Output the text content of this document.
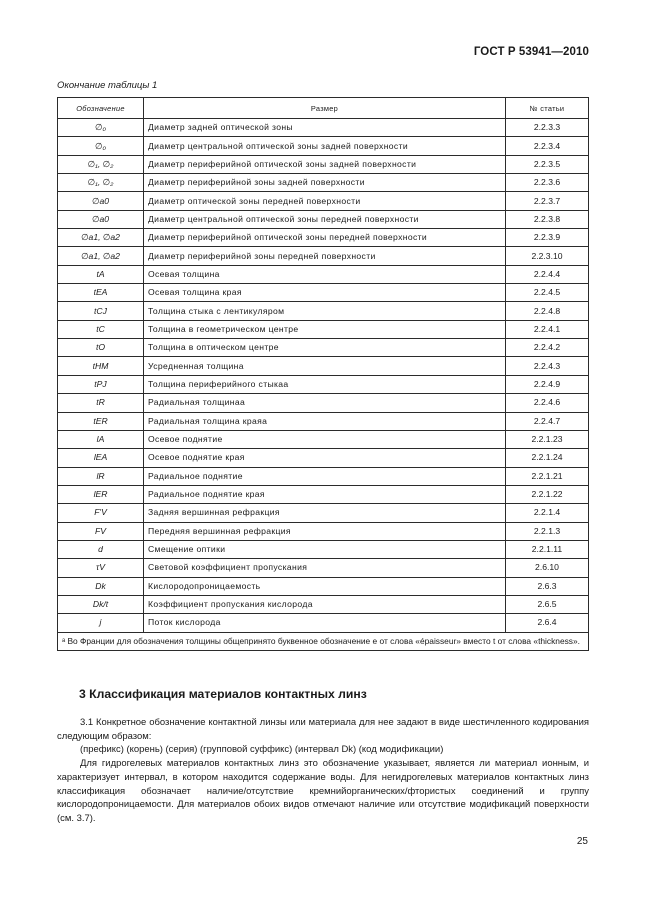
ГОСТ Р 53941—2010
Окончание таблицы 1
Обозначение	Размер	№ статьи
∅₀	Диаметр задней оптической зоны	2.2.3.3
∅₀	Диаметр центральной оптической зоны задней поверхности	2.2.3.4
∅₁, ∅₂	Диаметр периферийной оптической зоны задней поверхности	2.2.3.5
∅₁, ∅₂	Диаметр периферийной зоны задней поверхности	2.2.3.6
∅a0	Диаметр оптической зоны передней поверхности	2.2.3.7
∅a0	Диаметр центральной оптической зоны передней поверхности	2.2.3.8
∅a1, ∅a2	Диаметр периферийной оптической зоны передней поверхности	2.2.3.9
∅a1, ∅a2	Диаметр периферийной зоны передней поверхности	2.2.3.10
tA	Осевая толщина	2.2.4.4
tEA	Осевая толщина края	2.2.4.5
tCJ	Толщина стыка с лентикуляром	2.2.4.8
tC	Толщина в геометрическом центре	2.2.4.1
tO	Толщина в оптическом центре	2.2.4.2
tHM	Усредненная толщина	2.2.4.3
tPJ	Толщина периферийного стыкаa	2.2.4.9
tR	Радиальная толщинаa	2.2.4.6
tER	Радиальная толщина краяa	2.2.4.7
lA	Осевое поднятие	2.2.1.23
lEA	Осевое поднятие края	2.2.1.24
lR	Радиальное поднятие	2.2.1.21
lER	Радиальное поднятие края	2.2.1.22
F'V	Задняя вершинная рефракция	2.2.1.4
FV	Передняя вершинная рефракция	2.2.1.3
d	Смещение оптики	2.2.1.11
τV	Световой коэффициент пропускания	2.6.10
Dk	Кислородопроницаемость	2.6.3
Dk/t	Коэффициент пропускания кислорода	2.6.5
j	Поток кислорода	2.6.4
ᵃ Во Франции для обозначения толщины общепринято буквенное обозначение e от слова «épaisseur» вместо t от слова «thickness».		
3 Классификация материалов контактных линз

3.1 Конкретное обозначение контактной линзы или материала для нее задают в виде шестичленного кодирования следующим образом:

(префикс) (корень) (серия) (групповой суффикс) (интервал Dk) (код модификации)

Для гидрогелевых материалов контактных линз это обозначение указывает, является ли материал ионным, и характеризует интервал, в котором находится содержание воды. Для негидрогелевых материалов контактных линз классификация обозначает наличие/отсутствие кремнийорганических/фтористых соединений и группу кислородопроницаемости. Для материалов обоих видов отмечают наличие или отсутствие модификаций поверхности (см. 3.7).

25
